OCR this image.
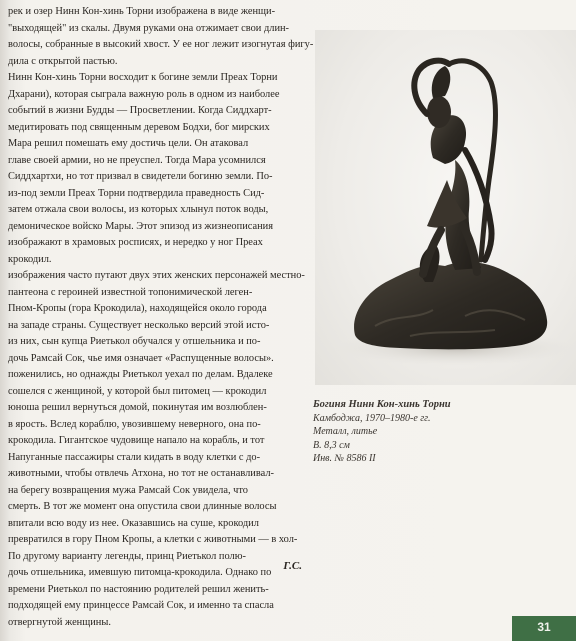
рек и озер Нинн Кон-хинь Торни изображена в виде женщи-
"выходящей" из скалы. Двумя руками она отжимает свои длин-
волосы, собранные в высокий хвост. У ее ног лежит изогнутая фигу-
дила с открытой пастью.
Нинн Кон-хинь Торни восходит к богине земли Преах Торни
Дхарани), которая сыграла важную роль в одном из наиболее
событий в жизни Будды — Просветлении. Когда Сиддхарт-
медитировать под священным деревом Бодхи, бог мирских
Мара решил помешать ему достичь цели. Он атаковал
главе своей армии, но не преуспел. Тогда Мара усомнился
Сиддхартхи, но тот призвал в свидетели богиню земли. По-
из-под земли Преах Торни подтвердила праведность Сид-
затем отжала свои волосы, из которых хлынул поток воды,
демоническое войско Мары. Этот эпизод из жизнеописания
изображают в храмовых росписях, и нередко у ног Преах
крокодил.
изображения часто путают двух этих женских персонажей местно-
пантеона с героиней известной топонимической леген-
Пном-Кропы (гора Крокодила), находящейся около города
на западе страны. Существует несколько версий этой исто-
из них, сын купца Риетькол обучался у отшельника и по-
дочь Рамсай Сок, чье имя означает «Распущенные волосы».
поженились, но однажды Риетькол уехал по делам. Вдалеке
сошелся с женщиной, у которой был питомец — крокодил
юноша решил вернуться домой, покинутая им возлюблен-
в ярость. Вслед кораблю, увозившему неверного, она по-
крокодила. Гигантское чудовище напало на корабль, и тот
Напуганные пассажиры стали кидать в воду клетки с до-
животными, чтобы отвлечь Атхона, но тот не останавливал-
на берегу возвращения мужа Рамсай Сок увидела, что
смерть. В тот же момент она опустила свои длинные волосы
впитали всю воду из нее. Оказавшись на суше, крокодил
превратился в гору Пном Кропы, а клетки с животными — в хол-
По другому варианту легенды, принц Риетькол полю-
дочь отшельника, имевшую питомца-крокодила. Однако по
времени Риетькол по настоянию родителей решил женить-
подходящей ему принцессе Рамсай Сок, и именно та спасла
отвергнутой женщины.
Г.С.
Богиня Нинн Кон-хинь Торни
Камбоджа, 1970–1980-е гг.
Металл, литье
В. 8,3 см
Инв. № 8586 II
31
